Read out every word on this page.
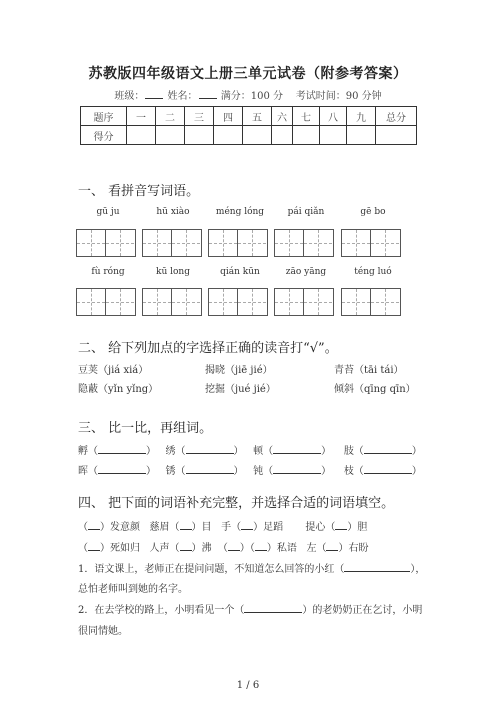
苏教版四年级语文上册三单元试卷（附参考答案）
班级： 姓名： 满分：100 分 考试时间：90 分钟
题序	一	二	三	四	五	六	七	八	九	总分
得分										
一、 看拼音写词语。
gū ju	hū xiào	méng lóng	pái qiǎn	gē bo
fù róng	kū long	qián kūn	zāo yāng	téng luó
二、 给下列加点的字选择正确的读音打“√”。
豆荚（jiá xiá）	揭晓（jiē jié）	青苔（tāi tái）
隐蔽（yǐn yǐng）	挖掘（jué jié）	倾斜（qīng qīn）
三、 比一比，再组词。
孵（	） 绣（	） 顿（	） 肢（	）
晖（	） 锈（	） 钝（	） 枝（	）
四、 把下面的词语补充完整，并选择合适的词语填空。
（ ）发意颜 慈眉（ ）目 手（ ）足蹈 提心（ ）胆
（ ）死如归 人声（ ）沸 （ ）（ ）私语 左（ ）右盼
1．语文课上，老师正在提问问题，不知道怎么回答的小红（	），
总怕老师叫到她的名字。
2．在去学校的路上，小明看见一个（	）的老奶奶正在乞讨，小明
很同情她。
1 / 6
